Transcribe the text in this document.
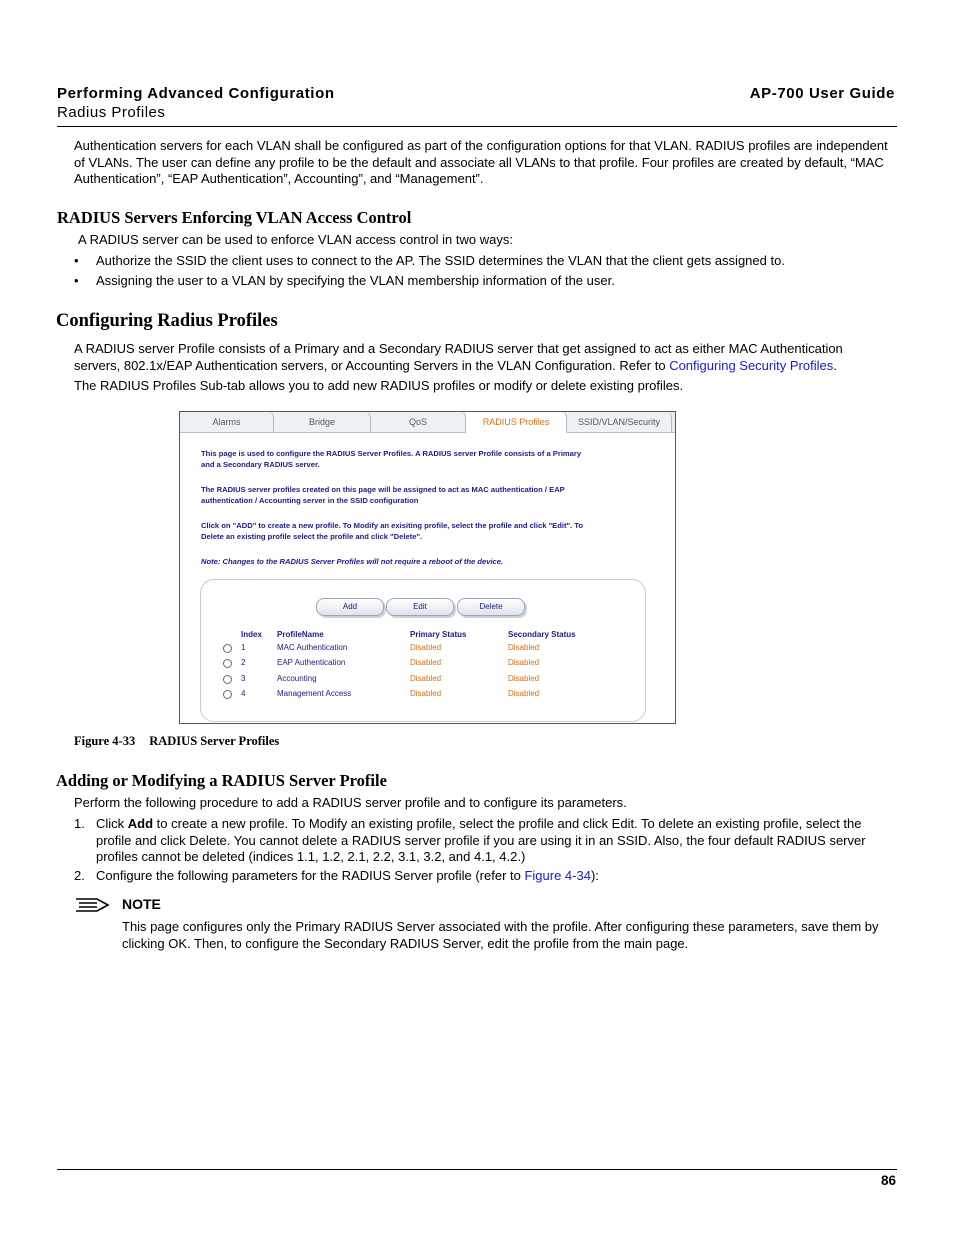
Performing Advanced Configuration
Radius Profiles
AP-700 User Guide
Authentication servers for each VLAN shall be configured as part of the configuration options for that VLAN. RADIUS profiles are independent
of VLANs. The user can define any profile to be the default and associate all VLANs to that profile. Four profiles are created by default, “MAC
Authentication”, “EAP Authentication”, Accounting”, and “Management”.
RADIUS Servers Enforcing VLAN Access Control
A RADIUS server can be used to enforce VLAN access control in two ways:
• Authorize the SSID the client uses to connect to the AP. The SSID determines the VLAN that the client gets assigned to.
• Assigning the user to a VLAN by specifying the VLAN membership information of the user.
Configuring Radius Profiles
A RADIUS server Profile consists of a Primary and a Secondary RADIUS server that get assigned to act as either MAC Authentication
servers, 802.1x/EAP Authentication servers, or Accounting Servers in the VLAN Configuration. Refer to Configuring Security Profiles.
The RADIUS Profiles Sub-tab allows you to add new RADIUS profiles or modify or delete existing profiles.
Alarms	Bridge	QoS	RADIUS Profiles	SSID/VLAN/Security
This page is used to configure the RADIUS Server Profiles. A RADIUS server Profile consists of a Primary
and a Secondary RADIUS server.
The RADIUS server profiles created on this page will be assigned to act as MAC authentication / EAP
authentication / Accounting server in the SSID configuration
Click on "ADD" to create a new profile. To Modify an exisiting profile, select the profile and click "Edit". To
Delete an existing profile select the profile and click "Delete".
Note: Changes to the RADIUS Server Profiles will not require a reboot of the device.
Add	Edit	Delete
Index ProfileName	Primary Status	Secondary Status
1	MAC Authentication	Disabled	Disabled
2	EAP Authentication	Disabled	Disabled
3	Accounting	Disabled	Disabled
4	Management Access	Disabled	Disabled
Figure 4-33 RADIUS Server Profiles
Adding or Modifying a RADIUS Server Profile
Perform the following procedure to add a RADIUS server profile and to configure its parameters.
1. Click Add to create a new profile. To Modify an existing profile, select the profile and click Edit. To delete an existing profile, select the
profile and click Delete. You cannot delete a RADIUS server profile if you are using it in an SSID. Also, the four default RADIUS server
profiles cannot be deleted (indices 1.1, 1.2, 2.1, 2.2, 3.1, 3.2, and 4.1, 4.2.)
2. Configure the following parameters for the RADIUS Server profile (refer to Figure 4-34):
NOTE
This page configures only the Primary RADIUS Server associated with the profile. After configuring these parameters, save them by
clicking OK. Then, to configure the Secondary RADIUS Server, edit the profile from the main page.
86
